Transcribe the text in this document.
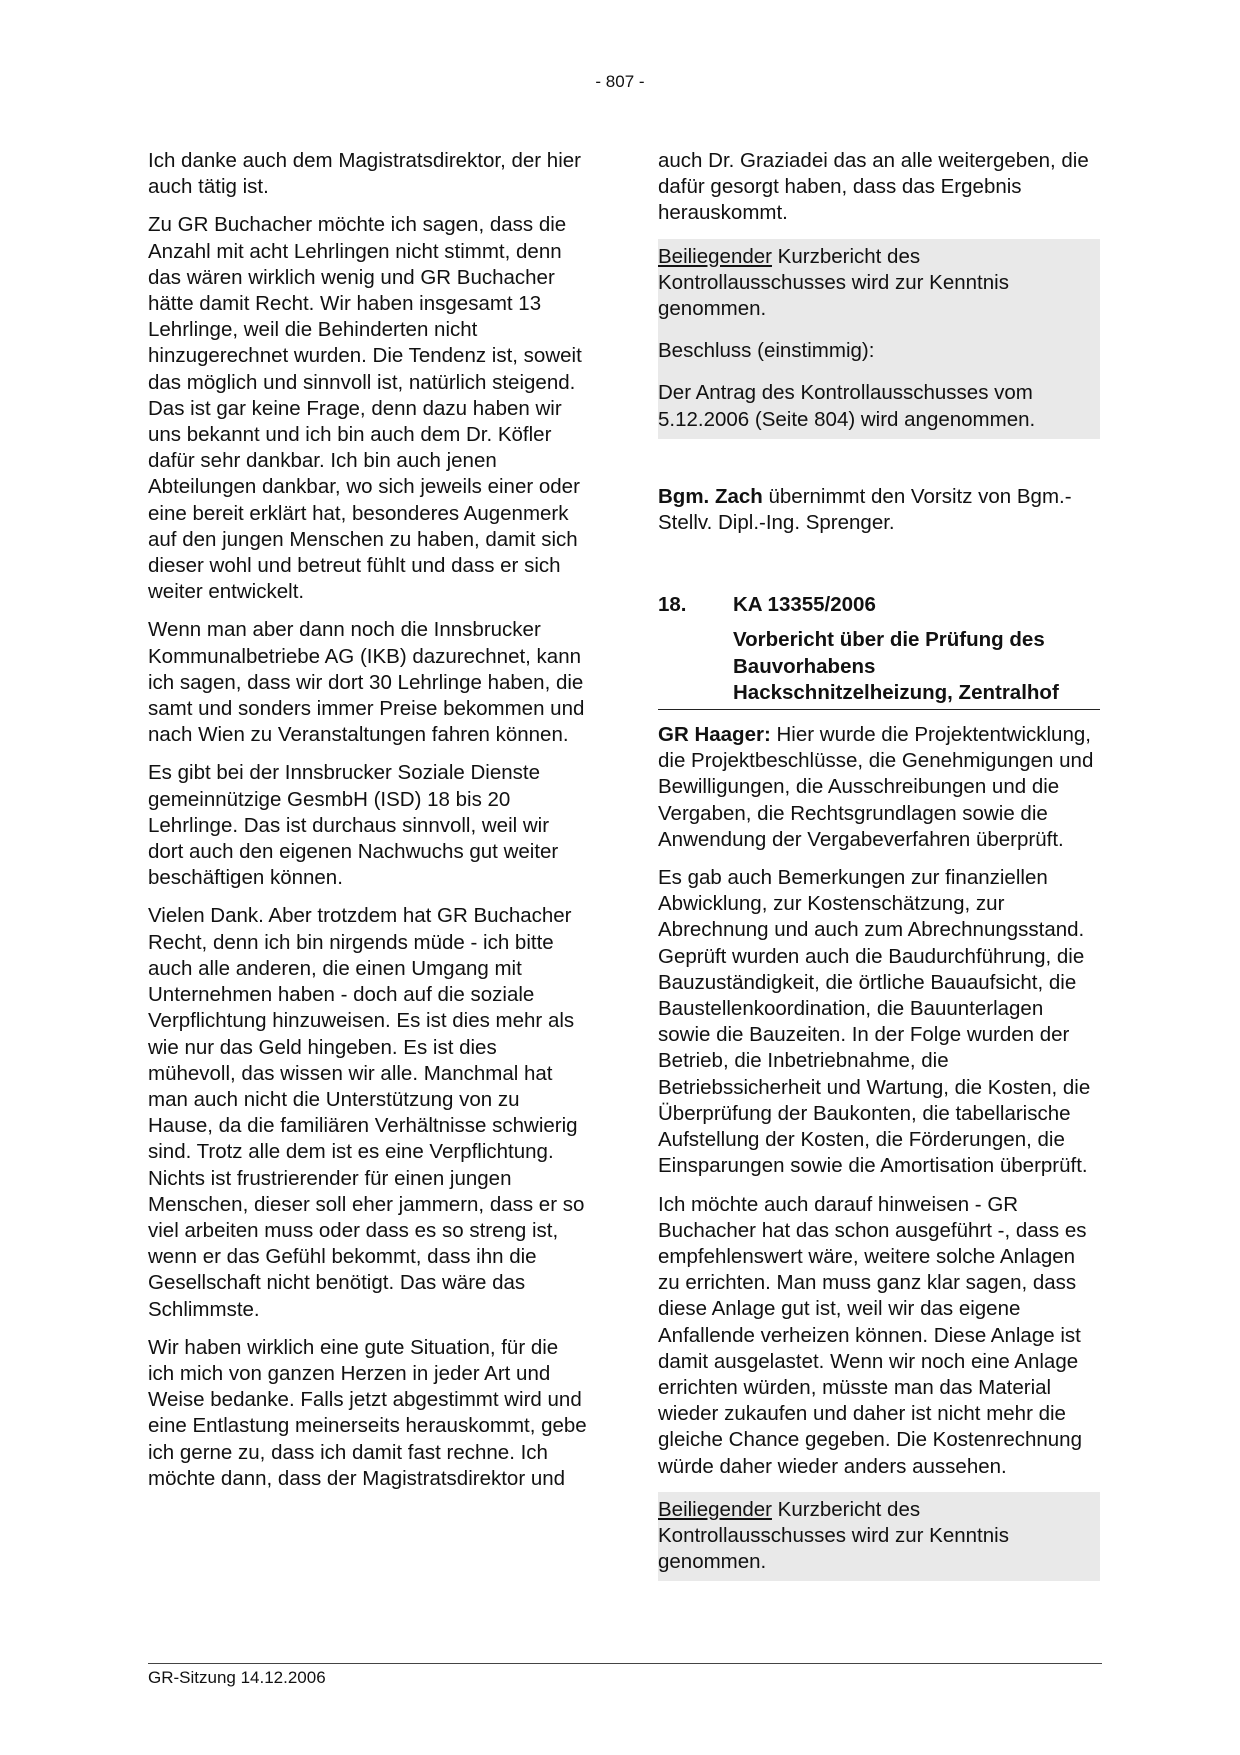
- 807 -

Ich danke auch dem Magistratsdirektor, der hier auch tätig ist.

Zu GR Buchacher möchte ich sagen, dass die Anzahl mit acht Lehrlingen nicht stimmt, denn das wären wirklich wenig und GR Buchacher hätte damit Recht. Wir haben insgesamt 13 Lehrlinge, weil die Behinderten nicht hinzugerechnet wurden. Die Tendenz ist, soweit das möglich und sinnvoll ist, natürlich steigend. Das ist gar keine Frage, denn dazu haben wir uns bekannt und ich bin auch dem Dr. Köfler dafür sehr dankbar. Ich bin auch jenen Abteilungen dankbar, wo sich jeweils einer oder eine bereit erklärt hat, besonderes Augenmerk auf den jungen Menschen zu haben, damit sich dieser wohl und betreut fühlt und dass er sich weiter entwickelt.

Wenn man aber dann noch die Innsbrucker Kommunalbetriebe AG (IKB) dazurechnet, kann ich sagen, dass wir dort 30 Lehrlinge haben, die samt und sonders immer Preise bekommen und nach Wien zu Veranstaltungen fahren können.

Es gibt bei der Innsbrucker Soziale Dienste gemeinnützige GesmbH (ISD) 18 bis 20 Lehrlinge. Das ist durchaus sinnvoll, weil wir dort auch den eigenen Nachwuchs gut weiter beschäftigen können.

Vielen Dank. Aber trotzdem hat GR Buchacher Recht, denn ich bin nirgends müde - ich bitte auch alle anderen, die einen Umgang mit Unternehmen haben - doch auf die soziale Verpflichtung hinzuweisen. Es ist dies mehr als wie nur das Geld hingeben. Es ist dies mühevoll, das wissen wir alle. Manchmal hat man auch nicht die Unterstützung von zu Hause, da die familiären Verhältnisse schwierig sind. Trotz alle dem ist es eine Verpflichtung. Nichts ist frustrierender für einen jungen Menschen, dieser soll eher jammern, dass er so viel arbeiten muss oder dass es so streng ist, wenn er das Gefühl bekommt, dass ihn die Gesellschaft nicht benötigt. Das wäre das Schlimmste.

Wir haben wirklich eine gute Situation, für die ich mich von ganzen Herzen in jeder Art und Weise bedanke. Falls jetzt abgestimmt wird und eine Entlastung meinerseits herauskommt, gebe ich gerne zu, dass ich damit fast rechne. Ich möchte dann, dass der Magistratsdirektor und

auch Dr. Graziadei das an alle weitergeben, die dafür gesorgt haben, dass das Ergebnis herauskommt.

Beiliegender Kurzbericht des Kontrollausschusses wird zur Kenntnis genommen.

Beschluss (einstimmig):

Der Antrag des Kontrollausschusses vom 5.12.2006 (Seite 804) wird angenommen.

Bgm. Zach übernimmt den Vorsitz von Bgm.-Stellv. Dipl.-Ing. Sprenger.

18.	KA 13355/2006
Vorbericht über die Prüfung des Bauvorhabens Hackschnitzelheizung, Zentralhof

GR Haager: Hier wurde die Projektentwicklung, die Projektbeschlüsse, die Genehmigungen und Bewilligungen, die Ausschreibungen und die Vergaben, die Rechtsgrundlagen sowie die Anwendung der Vergabeverfahren überprüft.

Es gab auch Bemerkungen zur finanziellen Abwicklung, zur Kostenschätzung, zur Abrechnung und auch zum Abrechnungsstand. Geprüft wurden auch die Baudurchführung, die Bauzuständigkeit, die örtliche Bauaufsicht, die Baustellenkoordination, die Bauunterlagen sowie die Bauzeiten. In der Folge wurden der Betrieb, die Inbetriebnahme, die Betriebssicherheit und Wartung, die Kosten, die Überprüfung der Baukonten, die tabellarische Aufstellung der Kosten, die Förderungen, die Einsparungen sowie die Amortisation überprüft.

Ich möchte auch darauf hinweisen - GR Buchacher hat das schon ausgeführt -, dass es empfehlenswert wäre, weitere solche Anlagen zu errichten. Man muss ganz klar sagen, dass diese Anlage gut ist, weil wir das eigene Anfallende verheizen können. Diese Anlage ist damit ausgelastet. Wenn wir noch eine Anlage errichten würden, müsste man das Material wieder zukaufen und daher ist nicht mehr die gleiche Chance gegeben. Die Kostenrechnung würde daher wieder anders aussehen.

Beiliegender Kurzbericht des Kontrollausschusses wird zur Kenntnis genommen.

GR-Sitzung 14.12.2006
